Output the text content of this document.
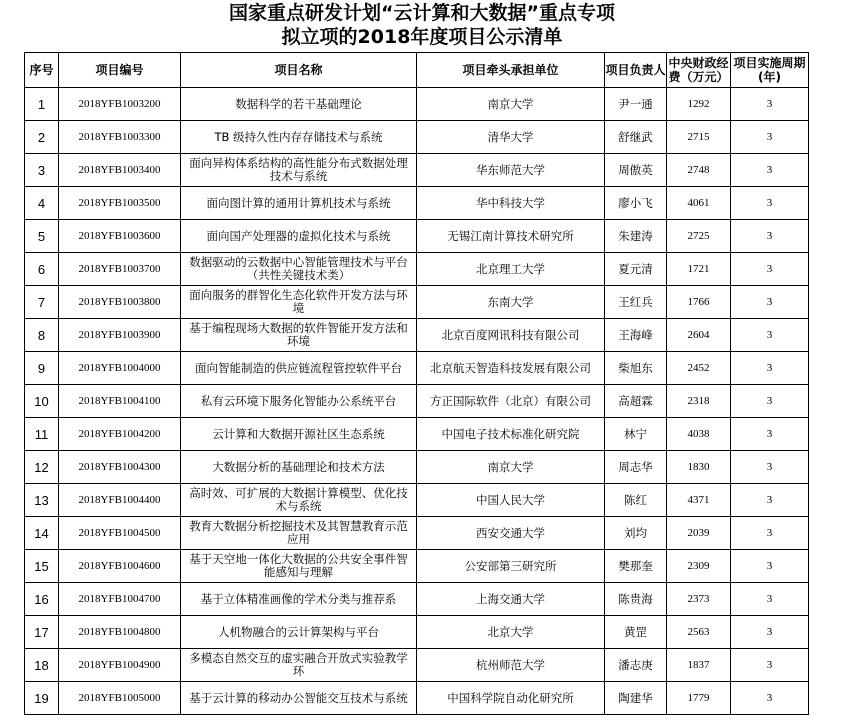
国家重点研发计划“云计算和大数据”重点专项
拟立项的2018年度项目公示清单
序号	项目编号	项目名称	项目牵头承担单位	项目负责人	中央财政经费（万元）	项目实施周期(年)
1	2018YFB1003200	数据科学的若干基础理论	南京大学	尹一通	1292	3
2	2018YFB1003300	TB 级持久性内存存储技术与系统	清华大学	舒继武	2715	3
3	2018YFB1003400	面向异构体系结构的高性能分布式数据处理技术与系统	华东师范大学	周傲英	2748	3
4	2018YFB1003500	面向图计算的通用计算机技术与系统	华中科技大学	廖小飞	4061	3
5	2018YFB1003600	面向国产处理器的虚拟化技术与系统	无锡江南计算技术研究所	朱建涛	2725	3
6	2018YFB1003700	数据驱动的云数据中心智能管理技术与平台（共性关键技术类）	北京理工大学	夏元清	1721	3
7	2018YFB1003800	面向服务的群智化生态化软件开发方法与环境	东南大学	王红兵	1766	3
8	2018YFB1003900	基于编程现场大数据的软件智能开发方法和环境	北京百度网讯科技有限公司	王海峰	2604	3
9	2018YFB1004000	面向智能制造的供应链流程管控软件平台	北京航天智造科技发展有限公司	柴旭东	2452	3
10	2018YFB1004100	私有云环境下服务化智能办公系统平台	方正国际软件（北京）有限公司	高超霖	2318	3
11	2018YFB1004200	云计算和大数据开源社区生态系统	中国电子技术标准化研究院	林宁	4038	3
12	2018YFB1004300	大数据分析的基础理论和技术方法	南京大学	周志华	1830	3
13	2018YFB1004400	高时效、可扩展的大数据计算模型、优化技术与系统	中国人民大学	陈红	4371	3
14	2018YFB1004500	教育大数据分析挖掘技术及其智慧教育示范应用	西安交通大学	刘均	2039	3
15	2018YFB1004600	基于天空地一体化大数据的公共安全事件智能感知与理解	公安部第三研究所	樊那奎	2309	3
16	2018YFB1004700	基于立体精准画像的学术分类与推荐系	上海交通大学	陈贵海	2373	3
17	2018YFB1004800	人机物融合的云计算架构与平台	北京大学	黄罡	2563	3
18	2018YFB1004900	多模态自然交互的虚实融合开放式实验教学环	杭州师范大学	潘志庚	1837	3
19	2018YFB1005000	基于云计算的移动办公智能交互技术与系统	中国科学院自动化研究所	陶建华	1779	3
